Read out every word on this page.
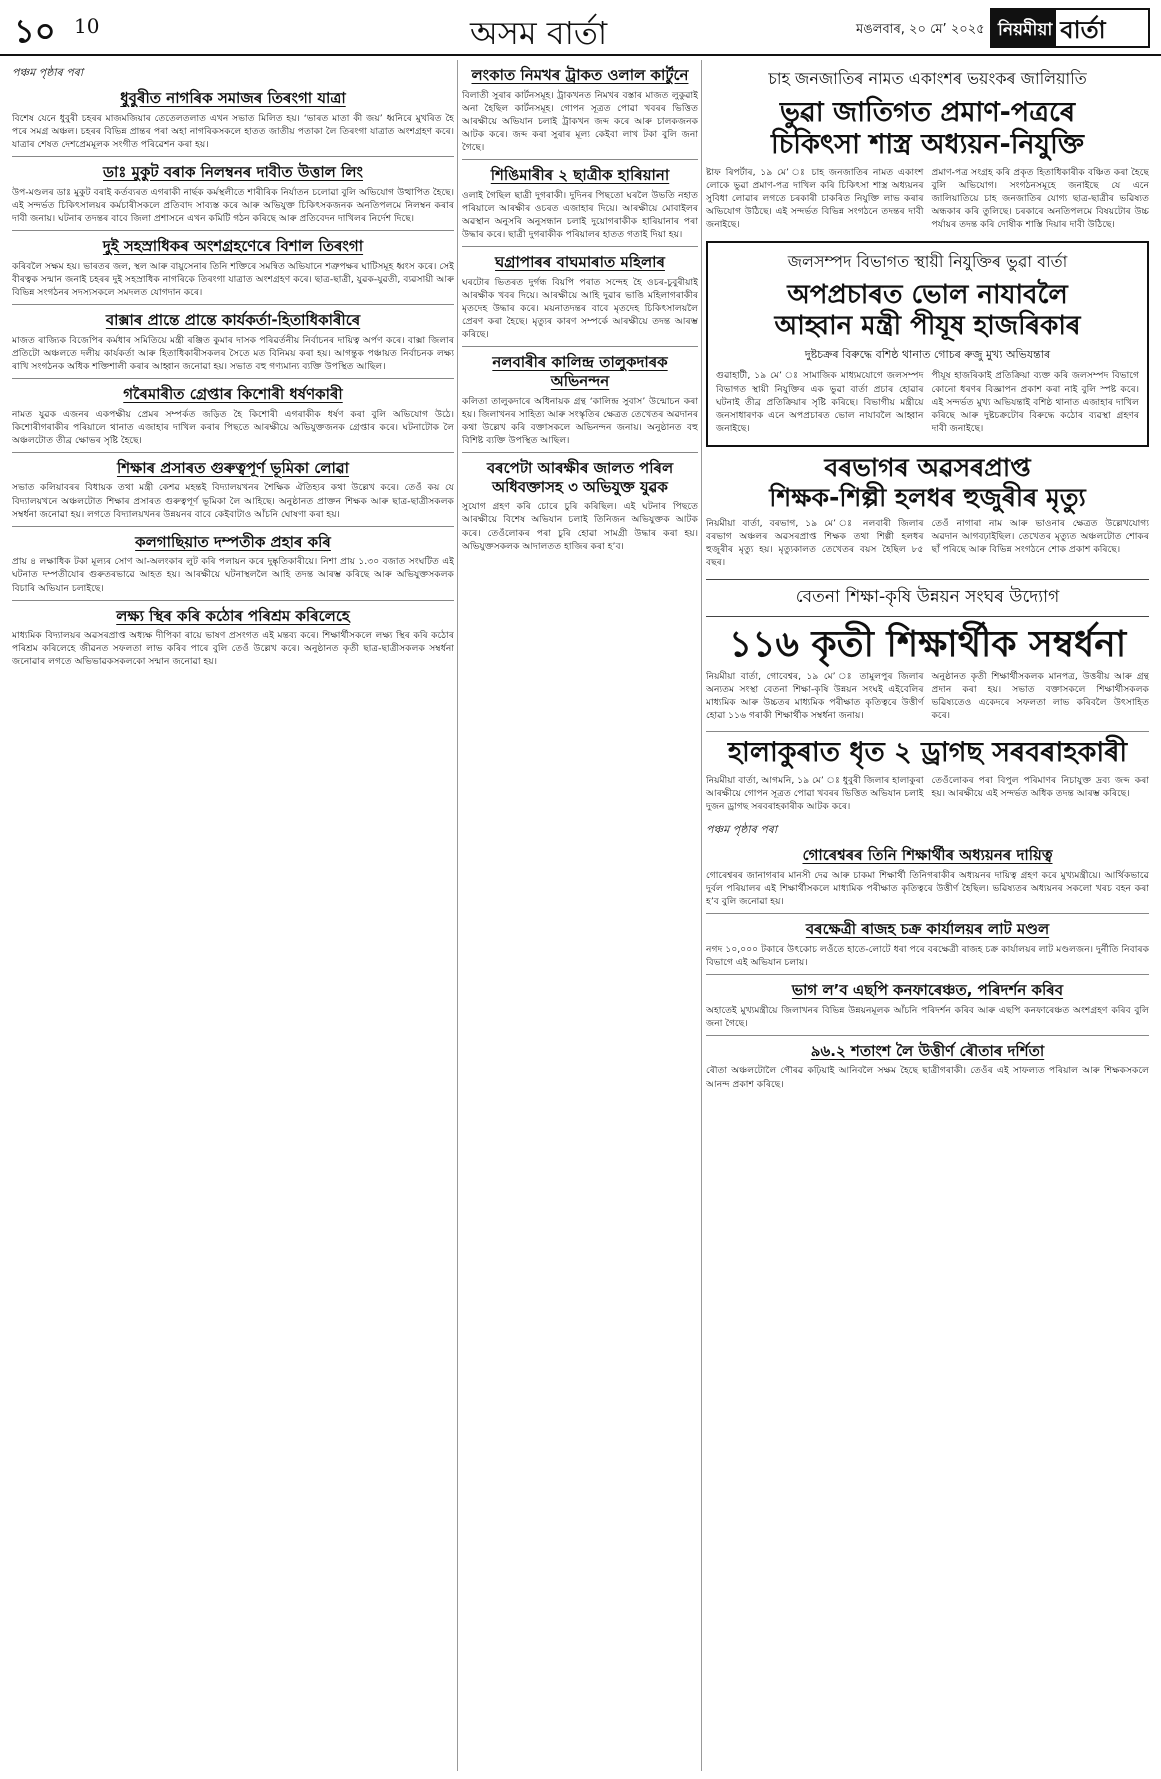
১০ 10	অসম বাৰ্তা	মঙলবাৰ, ২০ মে’ ২০২৫ নিয়মীয়া বাৰ্তা
পঞ্চম পৃষ্ঠাৰ পৰা
ধুবুৰীত নাগৰিক সমাজৰ তিৰংগা যাত্ৰা
বিশেষ যেনে ধুবুৰী চহৰৰ মাজমজিয়াৰ তেতেলতলাত এখন সভাত মিলিত হয়। ‘ভাৰত মাতা কী জয়’ ধ্বনিৰে মুখৰিত হৈ পৰে সমগ্ৰ অঞ্চল। চহৰৰ বিভিন্ন প্ৰান্তৰ পৰা অহা নাগৰিকসকলে হাতত জাতীয় পতাকা লৈ তিৰংগা যাত্ৰাত অংশগ্ৰহণ কৰে। যাত্ৰাৰ শেষত দেশপ্ৰেমমূলক সংগীত পৰিৱেশন কৰা হয়।
ডাঃ মুকুট বৰাক নিলম্বনৰ দাবীত উত্তাল লিং
উপ-মণ্ডলৰ ডাঃ মুকুট বৰাই কৰ্তব্যৰত এগৰাকী নাৰ্ছক কৰ্মস্থলীতে শাৰীৰিক নিৰ্যাতন চলোৱা বুলি অভিযোগ উত্থাপিত হৈছে। এই সন্দৰ্ভত চিকিৎসালয়ৰ কৰ্মচাৰীসকলে প্ৰতিবাদ সাব্যস্ত কৰে আৰু অভিযুক্ত চিকিৎসকজনক অনতিপলমে নিলম্বন কৰাৰ দাবী জনায়। ঘটনাৰ তদন্তৰ বাবে জিলা প্ৰশাসনে এখন কমিটি গঠন কৰিছে আৰু প্ৰতিবেদন দাখিলৰ নিৰ্দেশ দিছে।
দুই সহস্ৰাধিকৰ অংশগ্ৰহণেৰে বিশাল তিৰংগা
কৰিবলৈ সক্ষম হয়। ভাৰতৰ জল, স্থল আৰু বায়ুসেনাৰ তিনি শক্তিৰে সমন্বিত অভিযানে শত্ৰুপক্ষৰ ঘাটিসমূহ ধ্বংস কৰে। সেই বীৰত্বক সন্মান জনাই চহৰৰ দুই সহস্ৰাধিক নাগৰিকে তিৰংগা যাত্ৰাত অংশগ্ৰহণ কৰে। ছাত্ৰ-ছাত্ৰী, যুৱক-যুৱতী, ব্যৱসায়ী আৰু বিভিন্ন সংগঠনৰ সদস্যসকলে সমদলত যোগদান কৰে।
বাক্সাৰ প্ৰান্তে প্ৰান্তে কাৰ্যকৰ্তা-হিতাধিকাৰীৰে
মাজত ৰাজ্যিক বিজেপিৰ কৰ্মধাৰ সমিতিয়ে মন্ত্ৰী ৰঞ্জিত কুমাৰ দাসক পৰিৱৰ্তনীয় নিৰ্বাচনৰ দায়িত্ব অৰ্পণ কৰে। বাক্সা জিলাৰ প্ৰতিটো অঞ্চলতে দলীয় কাৰ্যকৰ্তা আৰু হিতাধিকাৰীসকলৰ সৈতে মত বিনিময় কৰা হয়। আগন্তুক পঞ্চায়ত নিৰ্বাচনক লক্ষ্য ৰাখি সংগঠনক অধিক শক্তিশালী কৰাৰ আহ্বান জনোৱা হয়। সভাত বহু গণ্যমান্য ব্যক্তি উপস্থিত আছিল।
গৰৈমাৰীত গ্ৰেপ্তাৰ কিশোৰী ধৰ্ষণকাৰী
নামত যুৱক এজনৰ একপক্ষীয় প্ৰেমৰ সম্পৰ্কত জড়িত হৈ কিশোৰী এগৰাকীক ধৰ্ষণ কৰা বুলি অভিযোগ উঠে। কিশোৰীগৰাকীৰ পৰিয়ালে থানাত এজাহাৰ দাখিল কৰাৰ পিছতে আৰক্ষীয়ে অভিযুক্তজনক গ্ৰেপ্তাৰ কৰে। ঘটনাটোক লৈ অঞ্চলটোত তীব্ৰ ক্ষোভৰ সৃষ্টি হৈছে।
শিক্ষাৰ প্ৰসাৰত গুৰুত্বপূৰ্ণ ভূমিকা লোৱা
সভাত কলিয়াবৰৰ বিধায়ক তথা মন্ত্ৰী কেশৱ মহন্তই বিদ্যালয়খনৰ শৈক্ষিক ঐতিহ্যৰ কথা উল্লেখ কৰে। তেওঁ কয় যে বিদ্যালয়খনে অঞ্চলটোত শিক্ষাৰ প্ৰসাৰত গুৰুত্বপূৰ্ণ ভূমিকা লৈ আহিছে। অনুষ্ঠানত প্ৰাক্তন শিক্ষক আৰু ছাত্ৰ-ছাত্ৰীসকলক সম্বৰ্ধনা জনোৱা হয়। লগতে বিদ্যালয়খনৰ উন্নয়নৰ বাবে কেইবাটাও আঁচনি ঘোষণা কৰা হয়।
কলগাছিয়াত দম্পতীক প্ৰহাৰ কৰি
প্ৰায় ৪ লক্ষাধিক টকা মূল্যৰ সোণ আ-অলংকাৰ লুট কৰি পলায়ন কৰে দুষ্কৃতিকাৰীয়ে। নিশা প্ৰায় ১.৩০ বজাত সংঘটিত এই ঘটনাত দম্পতীযোৰ গুৰুতৰভাৱে আহত হয়। আৰক্ষীয়ে ঘটনাস্থললৈ আহি তদন্ত আৰম্ভ কৰিছে আৰু অভিযুক্তসকলক বিচাৰি অভিযান চলাইছে।
লক্ষ্য স্থিৰ কৰি কঠোৰ পৰিশ্ৰম কৰিলেহে
মাধ্যমিক বিদ্যালয়ৰ অৱসৰপ্ৰাপ্ত অধ্যক্ষ দীপিকা ৰায়ে ভাষণ প্ৰসংগত এই মন্তব্য কৰে। শিক্ষাৰ্থীসকলে লক্ষ্য স্থিৰ কৰি কঠোৰ পৰিশ্ৰম কৰিলেহে জীৱনত সফলতা লাভ কৰিব পাৰে বুলি তেওঁ উল্লেখ কৰে। অনুষ্ঠানত কৃতী ছাত্ৰ-ছাত্ৰীসকলক সম্বৰ্ধনা জনোৱাৰ লগতে অভিভাৱকসকলকো সন্মান জনোৱা হয়।
লংকাত নিমখৰ ট্ৰাকত ওলাল কাৰ্টুনে
বিলাতী সুৰাৰ কাৰ্টনসমূহ। ট্ৰাকখনত নিমখৰ বস্তাৰ মাজত লুকুৱাই অনা হৈছিল কাৰ্টনসমূহ। গোপন সূত্ৰত পোৱা খবৰৰ ভিত্তিত আৰক্ষীয়ে অভিযান চলাই ট্ৰাকখন জব্দ কৰে আৰু চালকজনক আটক কৰে। জব্দ কৰা সুৰাৰ মূল্য কেইবা লাখ টকা বুলি জনা গৈছে।
শিঙিমাৰীৰ ২ ছাত্ৰীক হাৰিয়ানা
ওলাই গৈছিল ছাত্ৰী দুগৰাকী। দুদিনৰ পিছতো ঘৰলৈ উভতি নহাত পৰিয়ালে আৰক্ষীৰ ওচৰত এজাহাৰ দিয়ে। আৰক্ষীয়ে মোবাইলৰ অৱস্থান অনুসৰি অনুসন্ধান চলাই দুয়োগৰাকীক হাৰিয়ানাৰ পৰা উদ্ধাৰ কৰে। ছাত্ৰী দুগৰাকীক পৰিয়ালৰ হাতত গতাই দিয়া হয়।
ঘগ্ৰাপাৰৰ বাঘমাৰাত মহিলাৰ
ঘৰটোৰ ভিতৰত দুৰ্গন্ধ বিয়পি পৰাত সন্দেহ হৈ ওচৰ-চুবুৰীয়াই আৰক্ষীক খবৰ দিয়ে। আৰক্ষীয়ে আহি দুৱাৰ ভাঙি মহিলাগৰাকীৰ মৃতদেহ উদ্ধাৰ কৰে। ময়নাতদন্তৰ বাবে মৃতদেহ চিকিৎসালয়লৈ প্ৰেৰণ কৰা হৈছে। মৃত্যুৰ কাৰণ সম্পৰ্কে আৰক্ষীয়ে তদন্ত আৰম্ভ কৰিছে।
নলবাৰীৰ কালিন্দ্ৰ তালুকদাৰক অভিনন্দন
কলিতা তালুকদাৰে অধিনায়ক গ্ৰন্থ ‘কালিন্দ্ৰ সুবাস’ উন্মোচন কৰা হয়। জিলাখনৰ সাহিত্য আৰু সংস্কৃতিৰ ক্ষেত্ৰত তেখেতৰ অৱদানৰ কথা উল্লেখ কৰি বক্তাসকলে অভিনন্দন জনায়। অনুষ্ঠানত বহু বিশিষ্ট ব্যক্তি উপস্থিত আছিল।
বৰপেটা আৰক্ষীৰ জালত পৰিল অধিবক্তাসহ ৩ অভিযুক্ত যুৱক
সুযোগ গ্ৰহণ কৰি চোৰে চুৰি কৰিছিল। এই ঘটনাৰ পিছতে আৰক্ষীয়ে বিশেষ অভিযান চলাই তিনিজন অভিযুক্তক আটক কৰে। তেওঁলোকৰ পৰা চুৰি হোৱা সামগ্ৰী উদ্ধাৰ কৰা হয়। অভিযুক্তসকলক আদালতত হাজিৰ কৰা হ’ব।
চাহ জনজাতিৰ নামত একাংশৰ ভয়ংকৰ জালিয়াতি
ভুৱা জাতিগত প্ৰমাণ-পত্ৰৰে
চিকিৎসা শাস্ত্ৰ অধ্যয়ন-নিযুক্তি
ষ্টাফ ৰিপৰ্টাৰ, ১৯ মে’ ঃ চাহ জনজাতিৰ নামত একাংশ লোকে ভুৱা প্ৰমাণ-পত্ৰ দাখিল কৰি চিকিৎসা শাস্ত্ৰ অধ্যয়নৰ সুবিধা লোৱাৰ লগতে চৰকাৰী চাকৰিত নিযুক্তি লাভ কৰাৰ অভিযোগ উঠিছে। এই সন্দৰ্ভত বিভিন্ন সংগঠনে তদন্তৰ দাবী জনাইছে।
প্ৰমাণ-পত্ৰ সংগ্ৰহ কৰি প্ৰকৃত হিতাধিকাৰীক বঞ্চিত কৰা হৈছে বুলি অভিযোগ। সংগঠনসমূহে জনাইছে যে এনে জালিয়াতিয়ে চাহ জনজাতিৰ যোগ্য ছাত্ৰ-ছাত্ৰীৰ ভৱিষ্যত অন্ধকাৰ কৰি তুলিছে। চৰকাৰে অনতিপলমে বিষয়টোৰ উচ্চ পৰ্যায়ৰ তদন্ত কৰি দোষীক শাস্তি দিয়াৰ দাবী উঠিছে।
জলসম্পদ বিভাগত স্থায়ী নিযুক্তিৰ ভুৱা বাৰ্তা
অপপ্ৰচাৰত ভোল নাযাবলৈ
আহ্বান মন্ত্ৰী পীযূষ হাজৰিকাৰ
দুষ্টচক্ৰৰ বিৰুদ্ধে বশিষ্ঠ থানাত গোচৰ ৰুজু মুখ্য অভিযন্তাৰ
গুৱাহাটী, ১৯ মে’ ঃ সামাজিক মাধ্যমযোগে জলসম্পদ বিভাগত স্থায়ী নিযুক্তিৰ এক ভুৱা বাৰ্তা প্ৰচাৰ হোৱাৰ ঘটনাই তীব্ৰ প্ৰতিক্ৰিয়াৰ সৃষ্টি কৰিছে। বিভাগীয় মন্ত্ৰীয়ে জনসাধাৰণক এনে অপপ্ৰচাৰত ভোল নাযাবলৈ আহ্বান জনাইছে।
পীযূষ হাজৰিকাই প্ৰতিক্ৰিয়া ব্যক্ত কৰি জলসম্পদ বিভাগে কোনো ধৰণৰ বিজ্ঞাপন প্ৰকাশ কৰা নাই বুলি স্পষ্ট কৰে। এই সন্দৰ্ভত মুখ্য অভিযন্তাই বশিষ্ঠ থানাত এজাহাৰ দাখিল কৰিছে আৰু দুষ্টচক্ৰটোৰ বিৰুদ্ধে কঠোৰ ব্যৱস্থা গ্ৰহণৰ দাবী জনাইছে।
বৰভাগৰ অৱসৰপ্ৰাপ্ত
শিক্ষক-শিল্পী হলধৰ হুজুৰীৰ মৃত্যু
নিয়মীয়া বাৰ্তা, বৰভাগ, ১৯ মে’ ঃ নলবাৰী জিলাৰ বৰভাগ অঞ্চলৰ অৱসৰপ্ৰাপ্ত শিক্ষক তথা শিল্পী হলধৰ হুজুৰীৰ মৃত্যু হয়। মৃত্যুকালত তেখেতৰ বয়স হৈছিল ৮৫ বছৰ।
তেওঁ নাগাৰা নাম আৰু ভাওনাৰ ক্ষেত্ৰত উল্লেখযোগ্য অৱদান আগবঢ়াইছিল। তেখেতৰ মৃত্যুত অঞ্চলটোত শোকৰ ছাঁ পৰিছে আৰু বিভিন্ন সংগঠনে শোক প্ৰকাশ কৰিছে।
বেতনা শিক্ষা-কৃষি উন্নয়ন সংঘৰ উদ্যোগ
১১৬ কৃতী শিক্ষাৰ্থীক সম্বৰ্ধনা
নিয়মীয়া বাৰ্তা, গোবেশ্বৰ, ১৯ মে’ ঃ তামুলপুৰ জিলাৰ অন্যতম সংস্থা বেতনা শিক্ষা-কৃষি উন্নয়ন সংঘই এইবেলিৰ মাধ্যমিক আৰু উচ্চতৰ মাধ্যমিক পৰীক্ষাত কৃতিত্বৰে উত্তীৰ্ণ হোৱা ১১৬ গৰাকী শিক্ষাৰ্থীক সম্বৰ্ধনা জনায়।
অনুষ্ঠানত কৃতী শিক্ষাৰ্থীসকলক মানপত্ৰ, উত্তৰীয় আৰু গ্ৰন্থ প্ৰদান কৰা হয়। সভাত বক্তাসকলে শিক্ষাৰ্থীসকলক ভৱিষ্যতেও একেদৰে সফলতা লাভ কৰিবলৈ উৎসাহিত কৰে।
হালাকুৰাত ধৃত ২ ড্ৰাগছ সৰবৰাহকাৰী
নিয়মীয়া বাৰ্তা, আগমনি, ১৯ মে’ ঃ ধুবুৰী জিলাৰ হালাকুৰা আৰক্ষীয়ে গোপন সূত্ৰত পোৱা খবৰৰ ভিত্তিত অভিযান চলাই দুজন ড্ৰাগছ সৰবৰাহকাৰীক আটক কৰে।
তেওঁলোকৰ পৰা বিপুল পৰিমাণৰ নিচাযুক্ত দ্ৰব্য জব্দ কৰা হয়। আৰক্ষীয়ে এই সন্দৰ্ভত অধিক তদন্ত আৰম্ভ কৰিছে।
পঞ্চম পৃষ্ঠাৰ পৰা
গোৰেশ্বৰৰ তিনি শিক্ষাৰ্থীৰ অধ্যয়নৰ দায়িত্ব
গোৰেশ্বৰৰ জানাগৰাৰ মানসী দেৱ আৰু চাকমা শিক্ষাৰ্থী তিনিগৰাকীৰ অধ্যয়নৰ দায়িত্ব গ্ৰহণ কৰে মুখ্যমন্ত্ৰীয়ে। আৰ্থিকভাৱে দুৰ্বল পৰিয়ালৰ এই শিক্ষাৰ্থীসকলে মাধ্যমিক পৰীক্ষাত কৃতিত্বৰে উত্তীৰ্ণ হৈছিল। ভৱিষ্যতৰ অধ্যয়নৰ সকলো খৰচ বহন কৰা হ’ব বুলি জনোৱা হয়।
বৰক্ষেত্ৰী ৰাজহ চক্ৰ কাৰ্যালয়ৰ লাট মণ্ডল
নগদ ১০,০০০ টকাৰে উৎকোচ লওঁতে হাতে-লোটে ধৰা পৰে বৰক্ষেত্ৰী ৰাজহ চক্ৰ কাৰ্যালয়ৰ লাট মণ্ডলজন। দুৰ্নীতি নিবাৰক বিভাগে এই অভিযান চলায়।
ভাগ ল’ব এছপি কনফাৰেঞ্চত, পৰিদৰ্শন কৰিব
অহাতেই মুখ্যমন্ত্ৰীয়ে জিলাখনৰ বিভিন্ন উন্নয়নমূলক আঁচনি পৰিদৰ্শন কৰিব আৰু এছপি কনফাৰেঞ্চত অংশগ্ৰহণ কৰিব বুলি জনা গৈছে।
৯৬.২ শতাংশ লৈ উত্তীৰ্ণ ৰৌতাৰ দৰ্শিতা
ৰৌতা অঞ্চলটোলৈ গৌৰৱ কঢ়িয়াই আনিবলৈ সক্ষম হৈছে ছাত্ৰীগৰাকী। তেওঁৰ এই সাফল্যত পৰিয়াল আৰু শিক্ষকসকলে আনন্দ প্ৰকাশ কৰিছে।
